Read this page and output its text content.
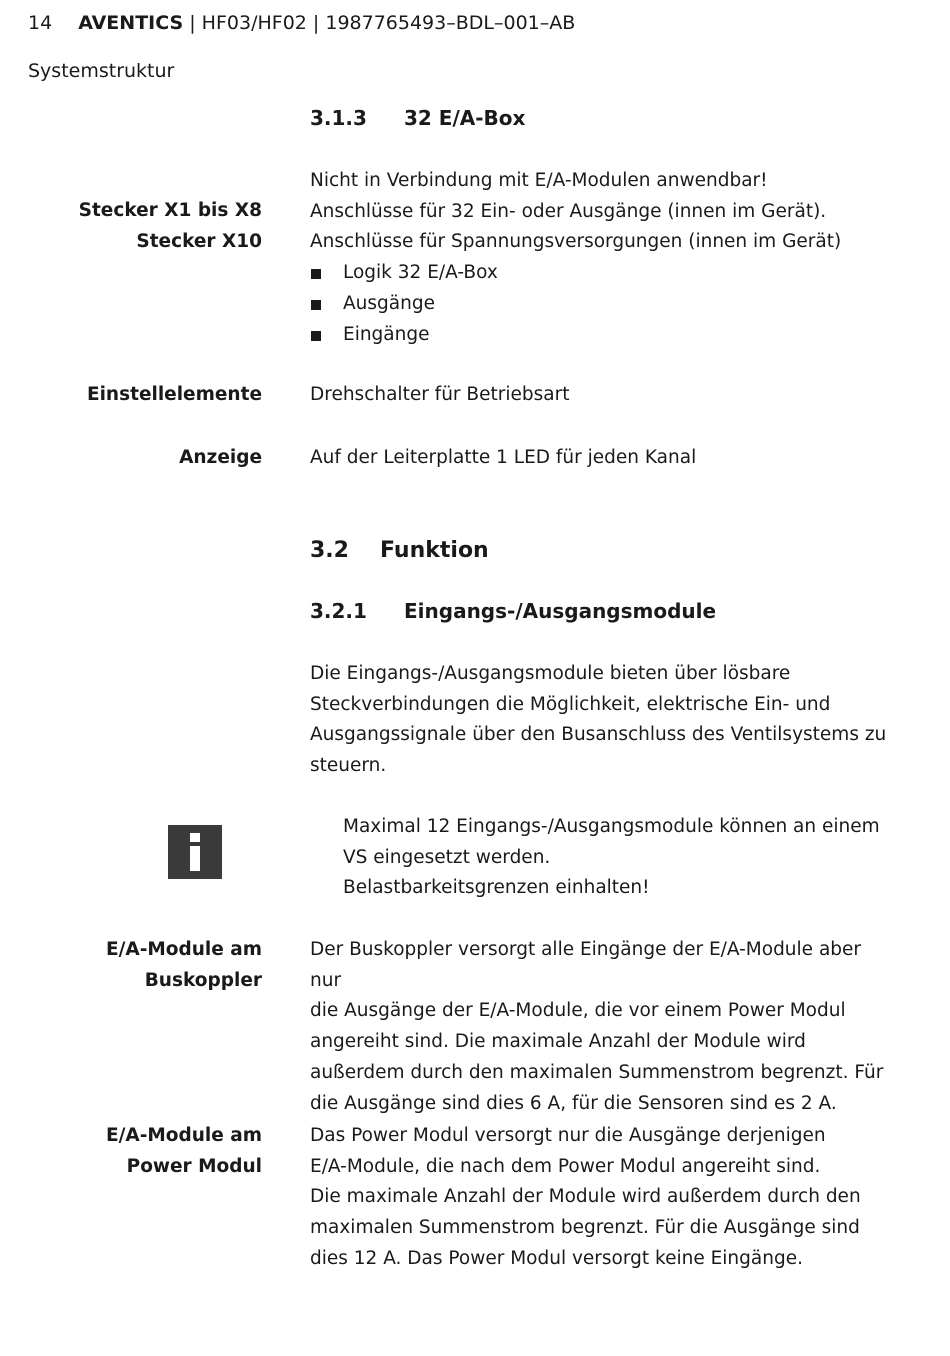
14 AVENTICS | HF03/HF02 | 1987765493–BDL–001–AB
Systemstruktur
3.1.3 32 E/A-Box
Stecker X1 bis X8
Stecker X10

Nicht in Verbindung mit E/A-Modulen anwendbar!

Anschlüsse für 32 Ein- oder Ausgänge (innen im Gerät).

Anschlüsse für Spannungsversorgungen (innen im Gerät)

Logik 32 E/A-Box
Ausgänge
Eingänge
Einstellelemente	Drehschalter für Betriebsart
Anzeige	Auf der Leiterplatte 1 LED für jeden Kanal
3.2 Funktion
3.2.1 Eingangs-/Ausgangsmodule

Die Eingangs-/Ausgangsmodule bieten über lösbare

Steckverbindungen die Möglichkeit, elektrische Ein- und

Ausgangssignale über den Busanschluss des Ventilsystems zu

steuern.

Maximal 12 Eingangs-/Ausgangsmodule können an einem

VS eingesetzt werden.

Belastbarkeitsgrenzen einhalten!

E/A-Module am
Buskoppler

Der Buskoppler versorgt alle Eingänge der E/A-Module aber nur

die Ausgänge der E/A-Module, die vor einem Power Modul

angereiht sind. Die maximale Anzahl der Module wird

außerdem durch den maximalen Summenstrom begrenzt. Für

die Ausgänge sind dies 6 A, für die Sensoren sind es 2 A.

E/A-Module am
Power Modul

Das Power Modul versorgt nur die Ausgänge derjenigen

E/A-Module, die nach dem Power Modul angereiht sind.

Die maximale Anzahl der Module wird außerdem durch den

maximalen Summenstrom begrenzt. Für die Ausgänge sind

dies 12 A. Das Power Modul versorgt keine Eingänge.
